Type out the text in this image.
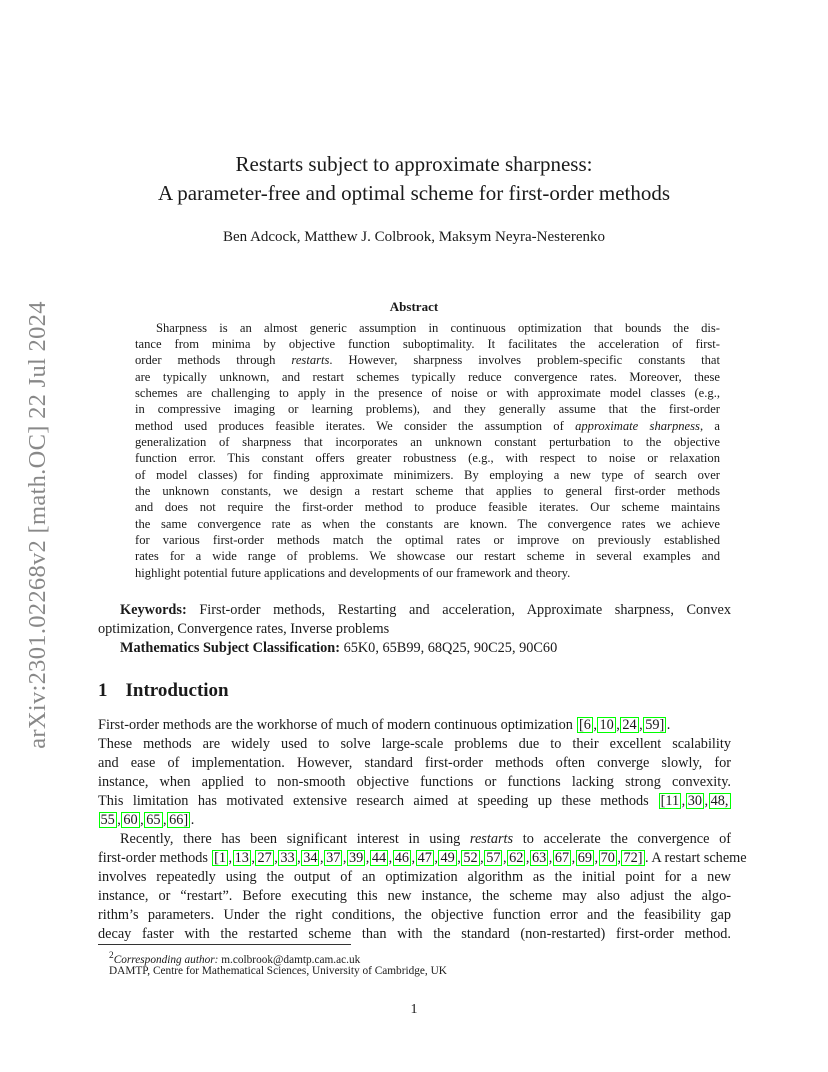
arXiv:2301.02268v2 [math.OC] 22 Jul 2024
Restarts subject to approximate sharpness:
A parameter-free and optimal scheme for first-order methods
Ben Adcock, Matthew J. Colbrook, Maksym Neyra-Nesterenko
Abstract
Sharpness is an almost generic assumption in continuous optimization that bounds the dis-
tance from minima by objective function suboptimality. It facilitates the acceleration of first-
order methods through restarts. However, sharpness involves problem-specific constants that
are typically unknown, and restart schemes typically reduce convergence rates. Moreover, these
schemes are challenging to apply in the presence of noise or with approximate model classes (e.g.,
in compressive imaging or learning problems), and they generally assume that the first-order
method used produces feasible iterates. We consider the assumption of approximate sharpness, a
generalization of sharpness that incorporates an unknown constant perturbation to the objective
function error. This constant offers greater robustness (e.g., with respect to noise or relaxation
of model classes) for finding approximate minimizers. By employing a new type of search over
the unknown constants, we design a restart scheme that applies to general first-order methods
and does not require the first-order method to produce feasible iterates. Our scheme maintains
the same convergence rate as when the constants are known. The convergence rates we achieve
for various first-order methods match the optimal rates or improve on previously established
rates for a wide range of problems. We showcase our restart scheme in several examples and
highlight potential future applications and developments of our framework and theory.
Keywords: First-order methods, Restarting and acceleration, Approximate sharpness, Convex
optimization, Convergence rates, Inverse problems
Mathematics Subject Classification: 65K0, 65B99, 68Q25, 90C25, 90C60
1 Introduction
First-order methods are the workhorse of much of modern continuous optimization [6 , 10 , 24 , 59] .
These methods are widely used to solve large-scale problems due to their excellent scalability
and ease of implementation. However, standard first-order methods often converge slowly, for
instance, when applied to non-smooth objective functions or functions lacking strong convexity.
This limitation has motivated extensive research aimed at speeding up these methods [11 , 30 , 48,
55 , 60 , 65 , 66] .
Recently, there has been significant interest in using restarts to accelerate the convergence of
first-order methods [1 , 13 , 27 , 33 , 34 , 37 , 39 , 44 , 46 , 47 , 49 , 52 , 57 , 62 , 63 , 67 , 69 , 70 , 72] . A restart scheme
involves repeatedly using the output of an optimization algorithm as the initial point for a new
instance, or “restart”. Before executing this new instance, the scheme may also adjust the algo-
rithm’s parameters. Under the right conditions, the objective function error and the feasibility gap
decay faster with the restarted scheme than with the standard (non-restarted) first-order method.
$^2$Corresponding author: m.colbrook@damtp.cam.ac.uk
DAMTP, Centre for Mathematical Sciences, University of Cambridge, UK
1
